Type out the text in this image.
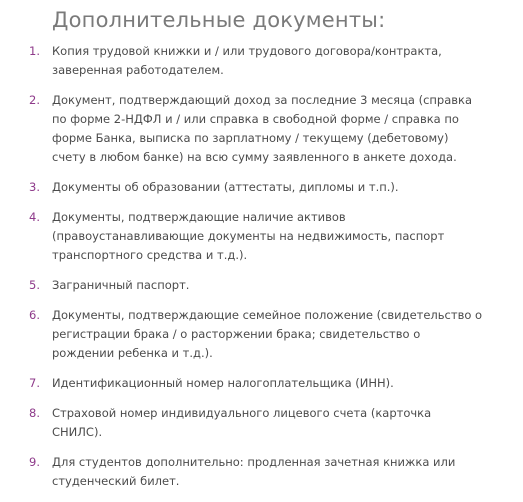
Дополнительные документы:
1. Копия трудовой книжки и / или трудового договора/контракта,
заверенная работодателем.
2. Документ, подтверждающий доход за последние 3 месяца (справка
по форме 2-НДФЛ и / или справка в свободной форме / справка по
форме Банка, выписка по зарплатному / текущему (дебетовому)
счету в любом банке) на всю сумму заявленного в анкете дохода.
3. Документы об образовании (аттестаты, дипломы и т.п.).
4. Документы, подтверждающие наличие активов
(правоустанавливающие документы на недвижимость, паспорт
транспортного средства и т.д.).
5. Заграничный паспорт.
6. Документы, подтверждающие семейное положение (свидетельство о
регистрации брака / о расторжении брака; свидетельство о
рождении ребенка и т.д.).
7. Идентификационный номер налогоплательщика (ИНН).
8. Страховой номер индивидуального лицевого счета (карточка
СНИЛС).
9. Для студентов дополнительно: продленная зачетная книжка или
студенческий билет.
